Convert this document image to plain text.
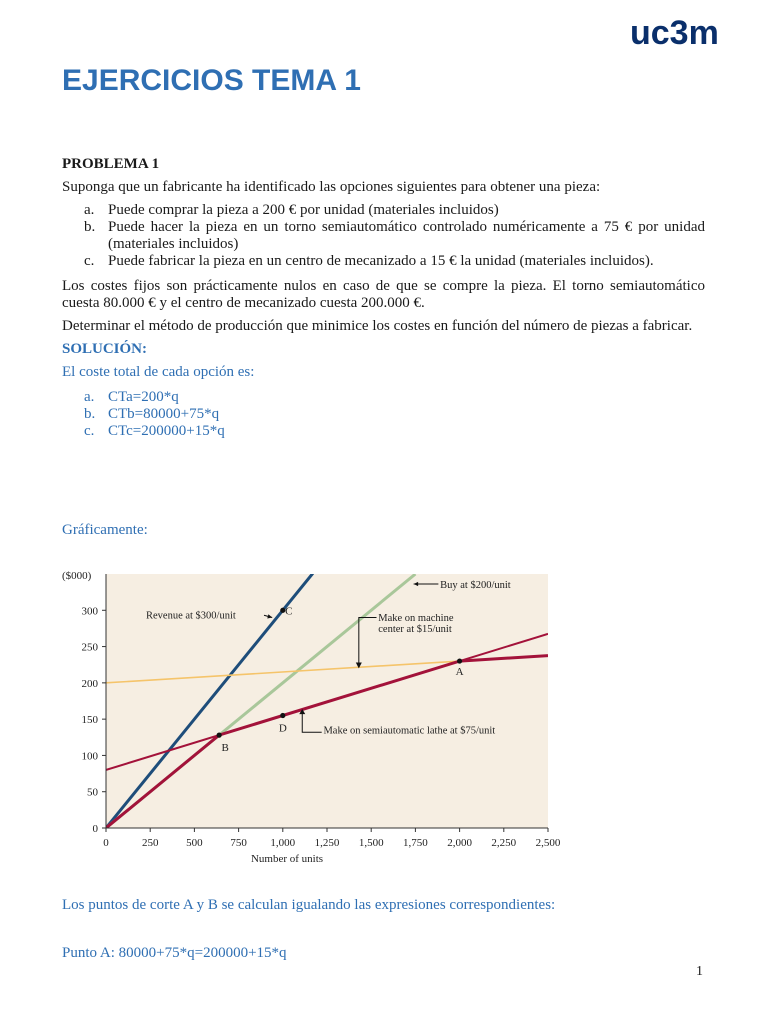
uc3m
EJERCICIOS TEMA 1

PROBLEMA 1

Suponga que un fabricante ha identificado las opciones siguientes para obtener una pieza:

a. Puede comprar la pieza a 200 € por unidad (materiales incluidos)
b. Puede hacer la pieza en un torno semiautomático controlado numéricamente a 75 € por unidad (materiales incluidos)
c. Puede fabricar la pieza en un centro de mecanizado a 15 € la unidad (materiales incluidos).

Los costes fijos son prácticamente nulos en caso de que se compre la pieza. El torno semiautomático cuesta 80.000 € y el centro de mecanizado cuesta 200.000 €.

Determinar el método de producción que minimice los costes en función del número de piezas a fabricar.

SOLUCIÓN:

El coste total de cada opción es:

a. CTa=200*q
b. CTb=80000+75*q
c. CTc=200000+15*q
Gráficamente:
0
50
100
150
200
250
300
0	250	500	750 1,000 1,250 1,500 1,750 2,000 2,250 2,500
($000)
Number of units
A
B
C
D
Revenue at $300/unit
Buy at $200/unit
Make on machine
center at $15/unit
Make on semiautomatic lathe at $75/unit
Los puntos de corte A y B se calculan igualando las expresiones correspondientes:
Punto A: 80000+75*q=200000+15*q
1
